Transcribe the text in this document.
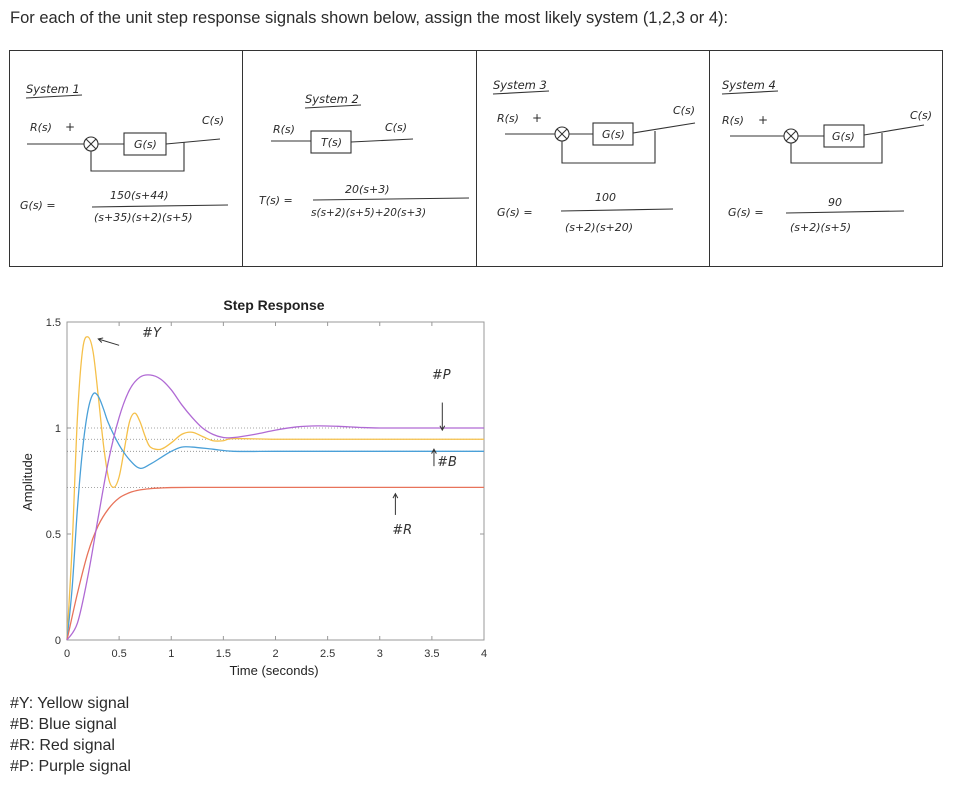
For each of the unit step response signals shown below, assign the most likely system (1,2,3 or 4):
System 1
R(s) +
G(s)
C(s)
G(s) =
150(s+44)
(s+35)(s+2)(s+5)
System 2
R(s)
T(s)
C(s)
T(s) =
20(s+3)
s(s+2)(s+5)+20(s+3)
System 3
R(s) +
G(s)
C(s)
G(s) =
100
(s+2)(s+20)
System 4
R(s) +
G(s)
C(s)
G(s) =
90
(s+2)(s+5)
Step Response
Time (seconds)
Amplitude
0	0.5	1	1.5	2	2.5	3	3.5	4
0
0.5
1
1.5
#Y
#P
#B
#R
#Y: Yellow signal
#B: Blue signal
#R: Red signal
#P: Purple signal
